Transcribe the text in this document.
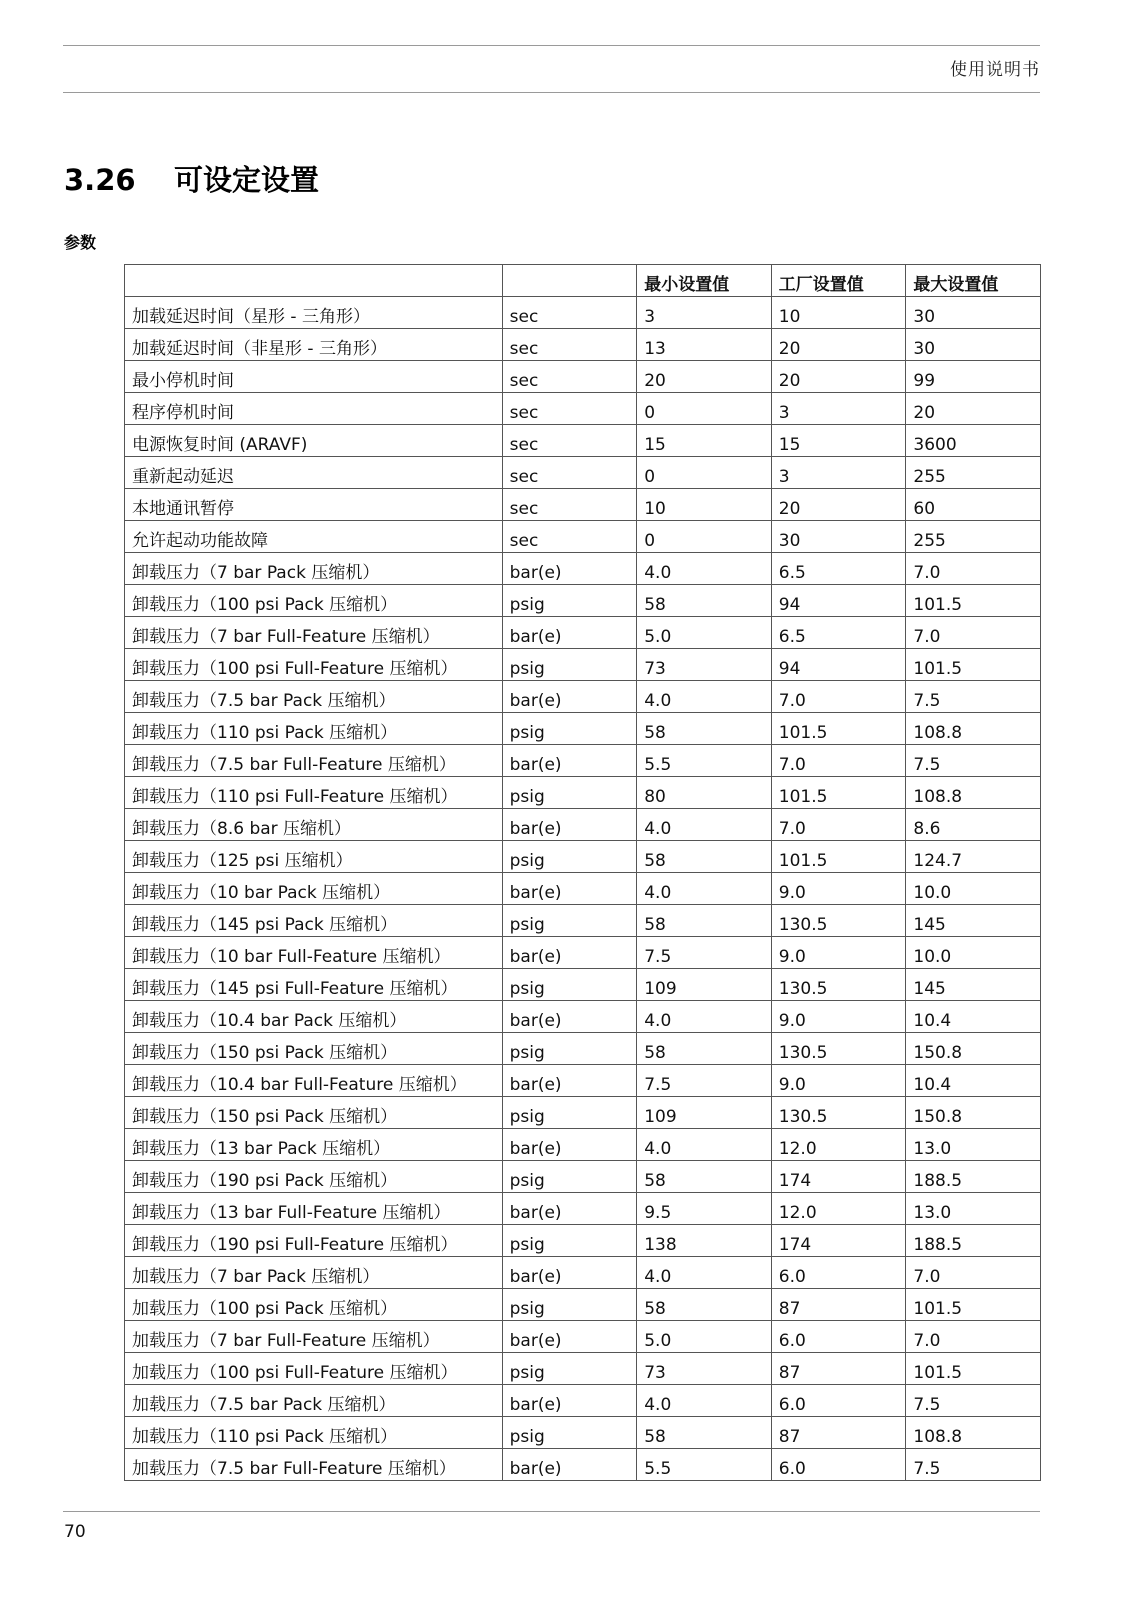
使用说明书
3.26 可设定设置
参数
		最小设置值	工厂设置值	最大设置值
加载延迟时间（星形 - 三角形）	sec	3	10	30
加载延迟时间（非星形 - 三角形）	sec	13	20	30
最小停机时间	sec	20	20	99
程序停机时间	sec	0	3	20
电源恢复时间 (ARAVF)	sec	15	15	3600
重新起动延迟	sec	0	3	255
本地通讯暂停	sec	10	20	60
允许起动功能故障	sec	0	30	255
卸载压力（7 bar Pack 压缩机）	bar(e)	4.0	6.5	7.0
卸载压力（100 psi Pack 压缩机）	psig	58	94	101.5
卸载压力（7 bar Full-Feature 压缩机）	bar(e)	5.0	6.5	7.0
卸载压力（100 psi Full-Feature 压缩机）	psig	73	94	101.5
卸载压力（7.5 bar Pack 压缩机）	bar(e)	4.0	7.0	7.5
卸载压力（110 psi Pack 压缩机）	psig	58	101.5	108.8
卸载压力（7.5 bar Full-Feature 压缩机）	bar(e)	5.5	7.0	7.5
卸载压力（110 psi Full-Feature 压缩机）	psig	80	101.5	108.8
卸载压力（8.6 bar 压缩机）	bar(e)	4.0	7.0	8.6
卸载压力（125 psi 压缩机）	psig	58	101.5	124.7
卸载压力（10 bar Pack 压缩机）	bar(e)	4.0	9.0	10.0
卸载压力（145 psi Pack 压缩机）	psig	58	130.5	145
卸载压力（10 bar Full-Feature 压缩机）	bar(e)	7.5	9.0	10.0
卸载压力（145 psi Full-Feature 压缩机）	psig	109	130.5	145
卸载压力（10.4 bar Pack 压缩机）	bar(e)	4.0	9.0	10.4
卸载压力（150 psi Pack 压缩机）	psig	58	130.5	150.8
卸载压力（10.4 bar Full-Feature 压缩机）	bar(e)	7.5	9.0	10.4
卸载压力（150 psi Pack 压缩机）	psig	109	130.5	150.8
卸载压力（13 bar Pack 压缩机）	bar(e)	4.0	12.0	13.0
卸载压力（190 psi Pack 压缩机）	psig	58	174	188.5
卸载压力（13 bar Full-Feature 压缩机）	bar(e)	9.5	12.0	13.0
卸载压力（190 psi Full-Feature 压缩机）	psig	138	174	188.5
加载压力（7 bar Pack 压缩机）	bar(e)	4.0	6.0	7.0
加载压力（100 psi Pack 压缩机）	psig	58	87	101.5
加载压力（7 bar Full-Feature 压缩机）	bar(e)	5.0	6.0	7.0
加载压力（100 psi Full-Feature 压缩机）	psig	73	87	101.5
加载压力（7.5 bar Pack 压缩机）	bar(e)	4.0	6.0	7.5
加载压力（110 psi Pack 压缩机）	psig	58	87	108.8
加载压力（7.5 bar Full-Feature 压缩机）	bar(e)	5.5	6.0	7.5
70
